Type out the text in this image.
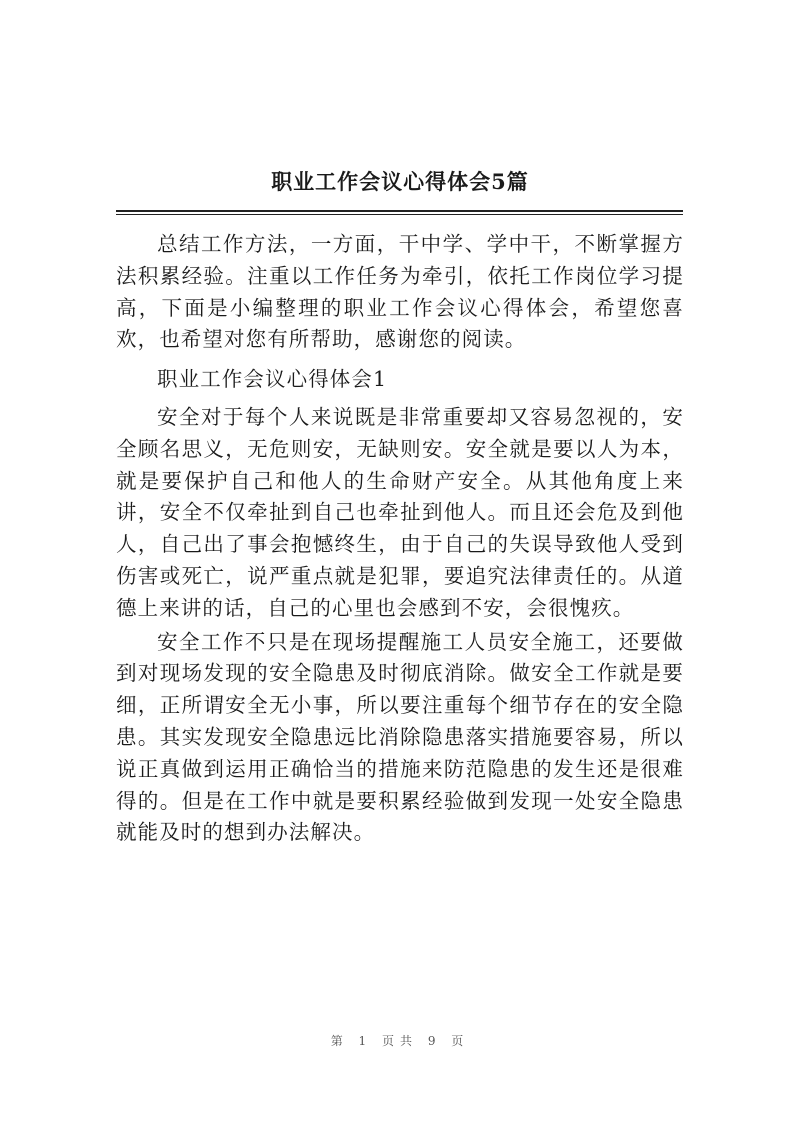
职业工作会议心得体会5篇

总结工作方法，一方面，干中学、学中干，不断掌握方法积累经验。注重以工作任务为牵引，依托工作岗位学习提高，下面是小编整理的职业工作会议心得体会，希望您喜欢，也希望对您有所帮助，感谢您的阅读。

职业工作会议心得体会1

安全对于每个人来说既是非常重要却又容易忽视的，安全顾名思义，无危则安，无缺则安。安全就是要以人为本，就是要保护自己和他人的生命财产安全。从其他角度上来讲，安全不仅牵扯到自己也牵扯到他人。而且还会危及到他人，自己出了事会抱憾终生，由于自己的失误导致他人受到伤害或死亡，说严重点就是犯罪，要追究法律责任的。从道德上来讲的话，自己的心里也会感到不安，会很愧疚。

安全工作不只是在现场提醒施工人员安全施工，还要做到对现场发现的安全隐患及时彻底消除。做安全工作就是要细，正所谓安全无小事，所以要注重每个细节存在的安全隐患。其实发现安全隐患远比消除隐患落实措施要容易，所以说正真做到运用正确恰当的措施来防范隐患的发生还是很难得的。但是在工作中就是要积累经验做到发现一处安全隐患就能及时的想到办法解决。

第 1 页共 9 页
